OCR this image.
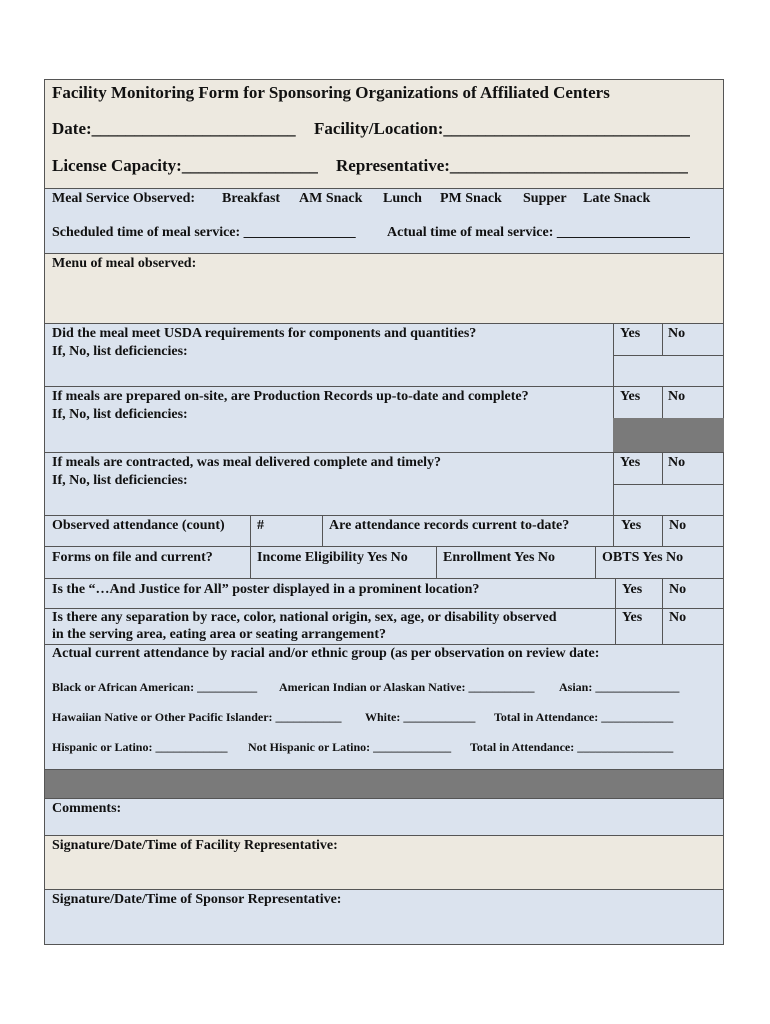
Facility Monitoring Form for Sponsoring Organizations of Affiliated Centers
Date:________________________ Facility/Location:_____________________________
License Capacity:________________ Representative:____________________________
Meal Service Observed: Breakfast AM Snack Lunch PM Snack Supper Late Snack
Scheduled time of meal service: ________________ Actual time of meal service: ___________________
Menu of meal observed:
Did the meal meet USDA requirements for components and quantities?
If, No, list deficiencies:
Yes No
If meals are prepared on-site, are Production Records up-to-date and complete?
If, No, list deficiencies:
Yes No
If meals are contracted, was meal delivered complete and timely?
If, No, list deficiencies:
Yes No
Observed attendance (count) #	Are attendance records current to-date?	Yes No
Forms on file and current?	Income Eligibility Yes No	Enrollment Yes No	OBTS Yes No
Is the “…And Justice for All” poster displayed in a prominent location?	Yes No
Is there any separation by race, color, national origin, sex, age, or disability observed
in the serving area, eating area or seating arrangement?
Yes No
Actual current attendance by racial and/or ethnic group (as per observation on review date:
Black or African American: __________ American Indian or Alaskan Native: ___________ Asian: ______________
Hawaiian Native or Other Pacific Islander: ___________ White: ____________ Total in Attendance: ____________
Hispanic or Latino: ____________ Not Hispanic or Latino: _____________ Total in Attendance: ________________
Comments:
Signature/Date/Time of Facility Representative:
Signature/Date/Time of Sponsor Representative:
